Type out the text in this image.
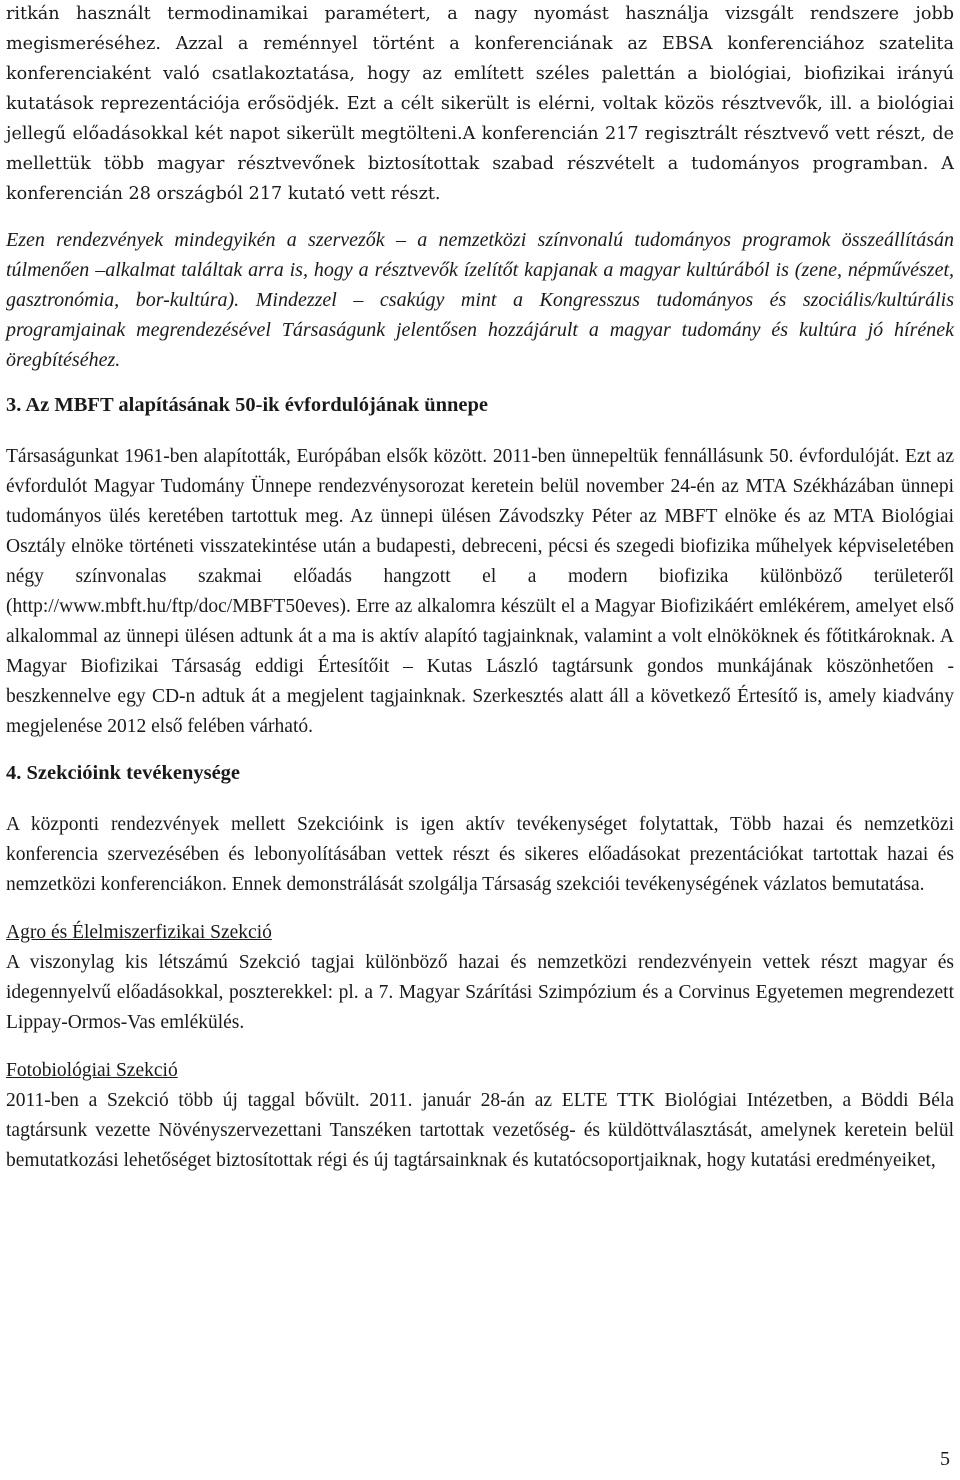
ritkán használt termodinamikai paramétert, a nagy nyomást használja vizsgált rendszere jobb megismeréséhez. Azzal a reménnyel történt a konferenciának az EBSA konferenciához szatelita konferenciaként való csatlakoztatása, hogy az említett széles palettán a biológiai, biofizikai irányú kutatások reprezentációja erősödjék. Ezt a célt sikerült is elérni, voltak közös résztvevők, ill. a biológiai jellegű előadásokkal két napot sikerült megtölteni.A konferencián 217 regisztrált résztvevő vett részt, de mellettük több magyar résztvevőnek biztosítottak szabad részvételt a tudományos programban. A konferencián 28 országból 217 kutató vett részt.

Ezen rendezvények mindegyikén a szervezők – a nemzetközi színvonalú tudományos programok összeállításán túlmenően –alkalmat találtak arra is, hogy a résztvevők ízelítőt kapjanak a magyar kultúrából is (zene, népművészet, gasztronómia, bor-kultúra). Mindezzel – csakúgy mint a Kongresszus tudományos és szociális/kultúrális programjainak megrendezésével Társaságunk jelentősen hozzájárult a magyar tudomány és kultúra jó hírének öregbítéséhez.

3. Az MBFT alapításának 50-ik évfordulójának ünnepe

Társaságunkat 1961-ben alapították, Európában elsők között. 2011-ben ünnepeltük fennállásunk 50. évfordulóját. Ezt az évfordulót Magyar Tudomány Ünnepe rendezvénysorozat keretein belül november 24-én az MTA Székházában ünnepi tudományos ülés keretében tartottuk meg. Az ünnepi ülésen Závodszky Péter az MBFT elnöke és az MTA Biológiai Osztály elnöke történeti visszatekintése után a budapesti, debreceni, pécsi és szegedi biofizika műhelyek képviseletében négy színvonalas szakmai előadás hangzott el a modern biofizika különböző területeről (http://www.mbft.hu/ftp/doc/MBFT50eves). Erre az alkalomra készült el a Magyar Biofizikáért emlékérem, amelyet első alkalommal az ünnepi ülésen adtunk át a ma is aktív alapító tagjainknak, valamint a volt elnököknek és főtitkároknak. A Magyar Biofizikai Társaság eddigi Értesítőit – Kutas László tagtársunk gondos munkájának köszönhetően - beszkennelve egy CD-n adtuk át a megjelent tagjainknak. Szerkesztés alatt áll a következő Értesítő is, amely kiadvány megjelenése 2012 első felében várható.

4. Szekcióink tevékenysége

A központi rendezvények mellett Szekcióink is igen aktív tevékenységet folytattak, Több hazai és nemzetközi konferencia szervezésében és lebonyolításában vettek részt és sikeres előadásokat prezentációkat tartottak hazai és nemzetközi konferenciákon. Ennek demonstrálását szolgálja Társaság szekciói tevékenységének vázlatos bemutatása.

Agro és Élelmiszerfizikai Szekció

A viszonylag kis létszámú Szekció tagjai különböző hazai és nemzetközi rendezvényein vettek részt magyar és idegennyelvű előadásokkal, poszterekkel: pl. a 7. Magyar Szárítási Szimpózium és a Corvinus Egyetemen megrendezett Lippay-Ormos-Vas emlékülés.

Fotobiológiai Szekció

2011-ben a Szekció több új taggal bővült. 2011. január 28-án az ELTE TTK Biológiai Intézetben, a Böddi Béla tagtársunk vezette Növényszervezettani Tanszéken tartottak vezetőség- és küldöttválasztását, amelynek keretein belül bemutatkozási lehetőséget biztosítottak régi és új tagtársainknak és kutatócsoportjaiknak, hogy kutatási eredményeiket,

5
